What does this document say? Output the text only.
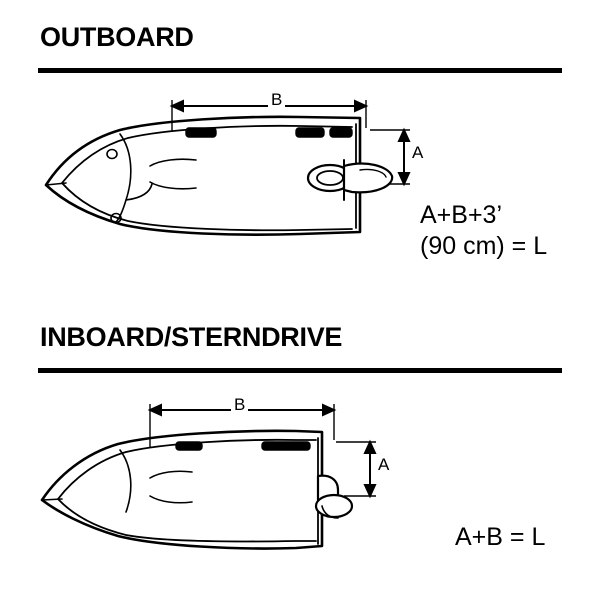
OUTBOARD
B
A
A+B+3’
(90 cm) = L
INBOARD/STERNDRIVE
B
A
A+B = L
